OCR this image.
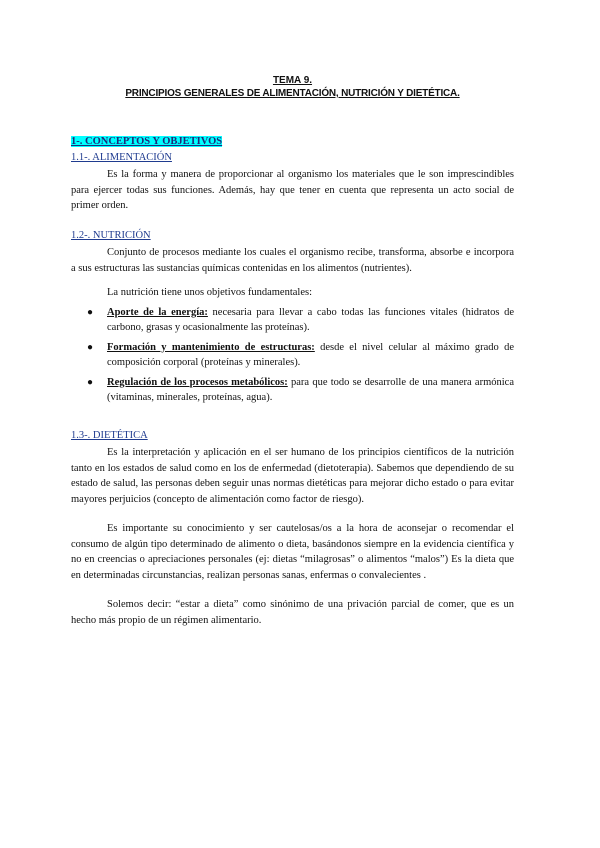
TEMA 9.
PRINCIPIOS GENERALES DE ALIMENTACIÓN, NUTRICIÓN Y DIETÉTICA.
1-. CONCEPTOS Y OBJETIVOS
1.1-. ALIMENTACIÓN

Es la forma y manera de proporcionar al organismo los materiales que le son imprescindibles para ejercer todas sus funciones. Además, hay que tener en cuenta que representa un acto social de primer orden.

1.2-. NUTRICIÓN

Conjunto de procesos mediante los cuales el organismo recibe, transforma, absorbe e incorpora a sus estructuras las sustancias químicas contenidas en los alimentos (nutrientes).

La nutrición tiene unos objetivos fundamentales:

● Aporte de la energía: necesaria para llevar a cabo todas las funciones vitales (hidratos de carbono, grasas y ocasionalmente las proteínas).
● Formación y mantenimiento de estructuras: desde el nivel celular al máximo grado de composición corporal (proteínas y minerales).
● Regulación de los procesos metabólicos: para que todo se desarrolle de una manera armónica (vitaminas, minerales, proteínas, agua).
1.3-. DIETÉTICA

Es la interpretación y aplicación en el ser humano de los principios científicos de la nutrición tanto en los estados de salud como en los de enfermedad (dietoterapia). Sabemos que dependiendo de su estado de salud, las personas deben seguir unas normas dietéticas para mejorar dicho estado o para evitar mayores perjuicios (concepto de alimentación como factor de riesgo).

Es importante su conocimiento y ser cautelosas/os a la hora de aconsejar o recomendar el consumo de algún tipo determinado de alimento o dieta, basándonos siempre en la evidencia científica y no en creencias o apreciaciones personales (ej: dietas “milagrosas” o alimentos “malos”) Es la dieta que en determinadas circunstancias, realizan personas sanas, enfermas o convalecientes .

Solemos decir: “estar a dieta” como sinónimo de una privación parcial de comer, que es un hecho más propio de un régimen alimentario.
